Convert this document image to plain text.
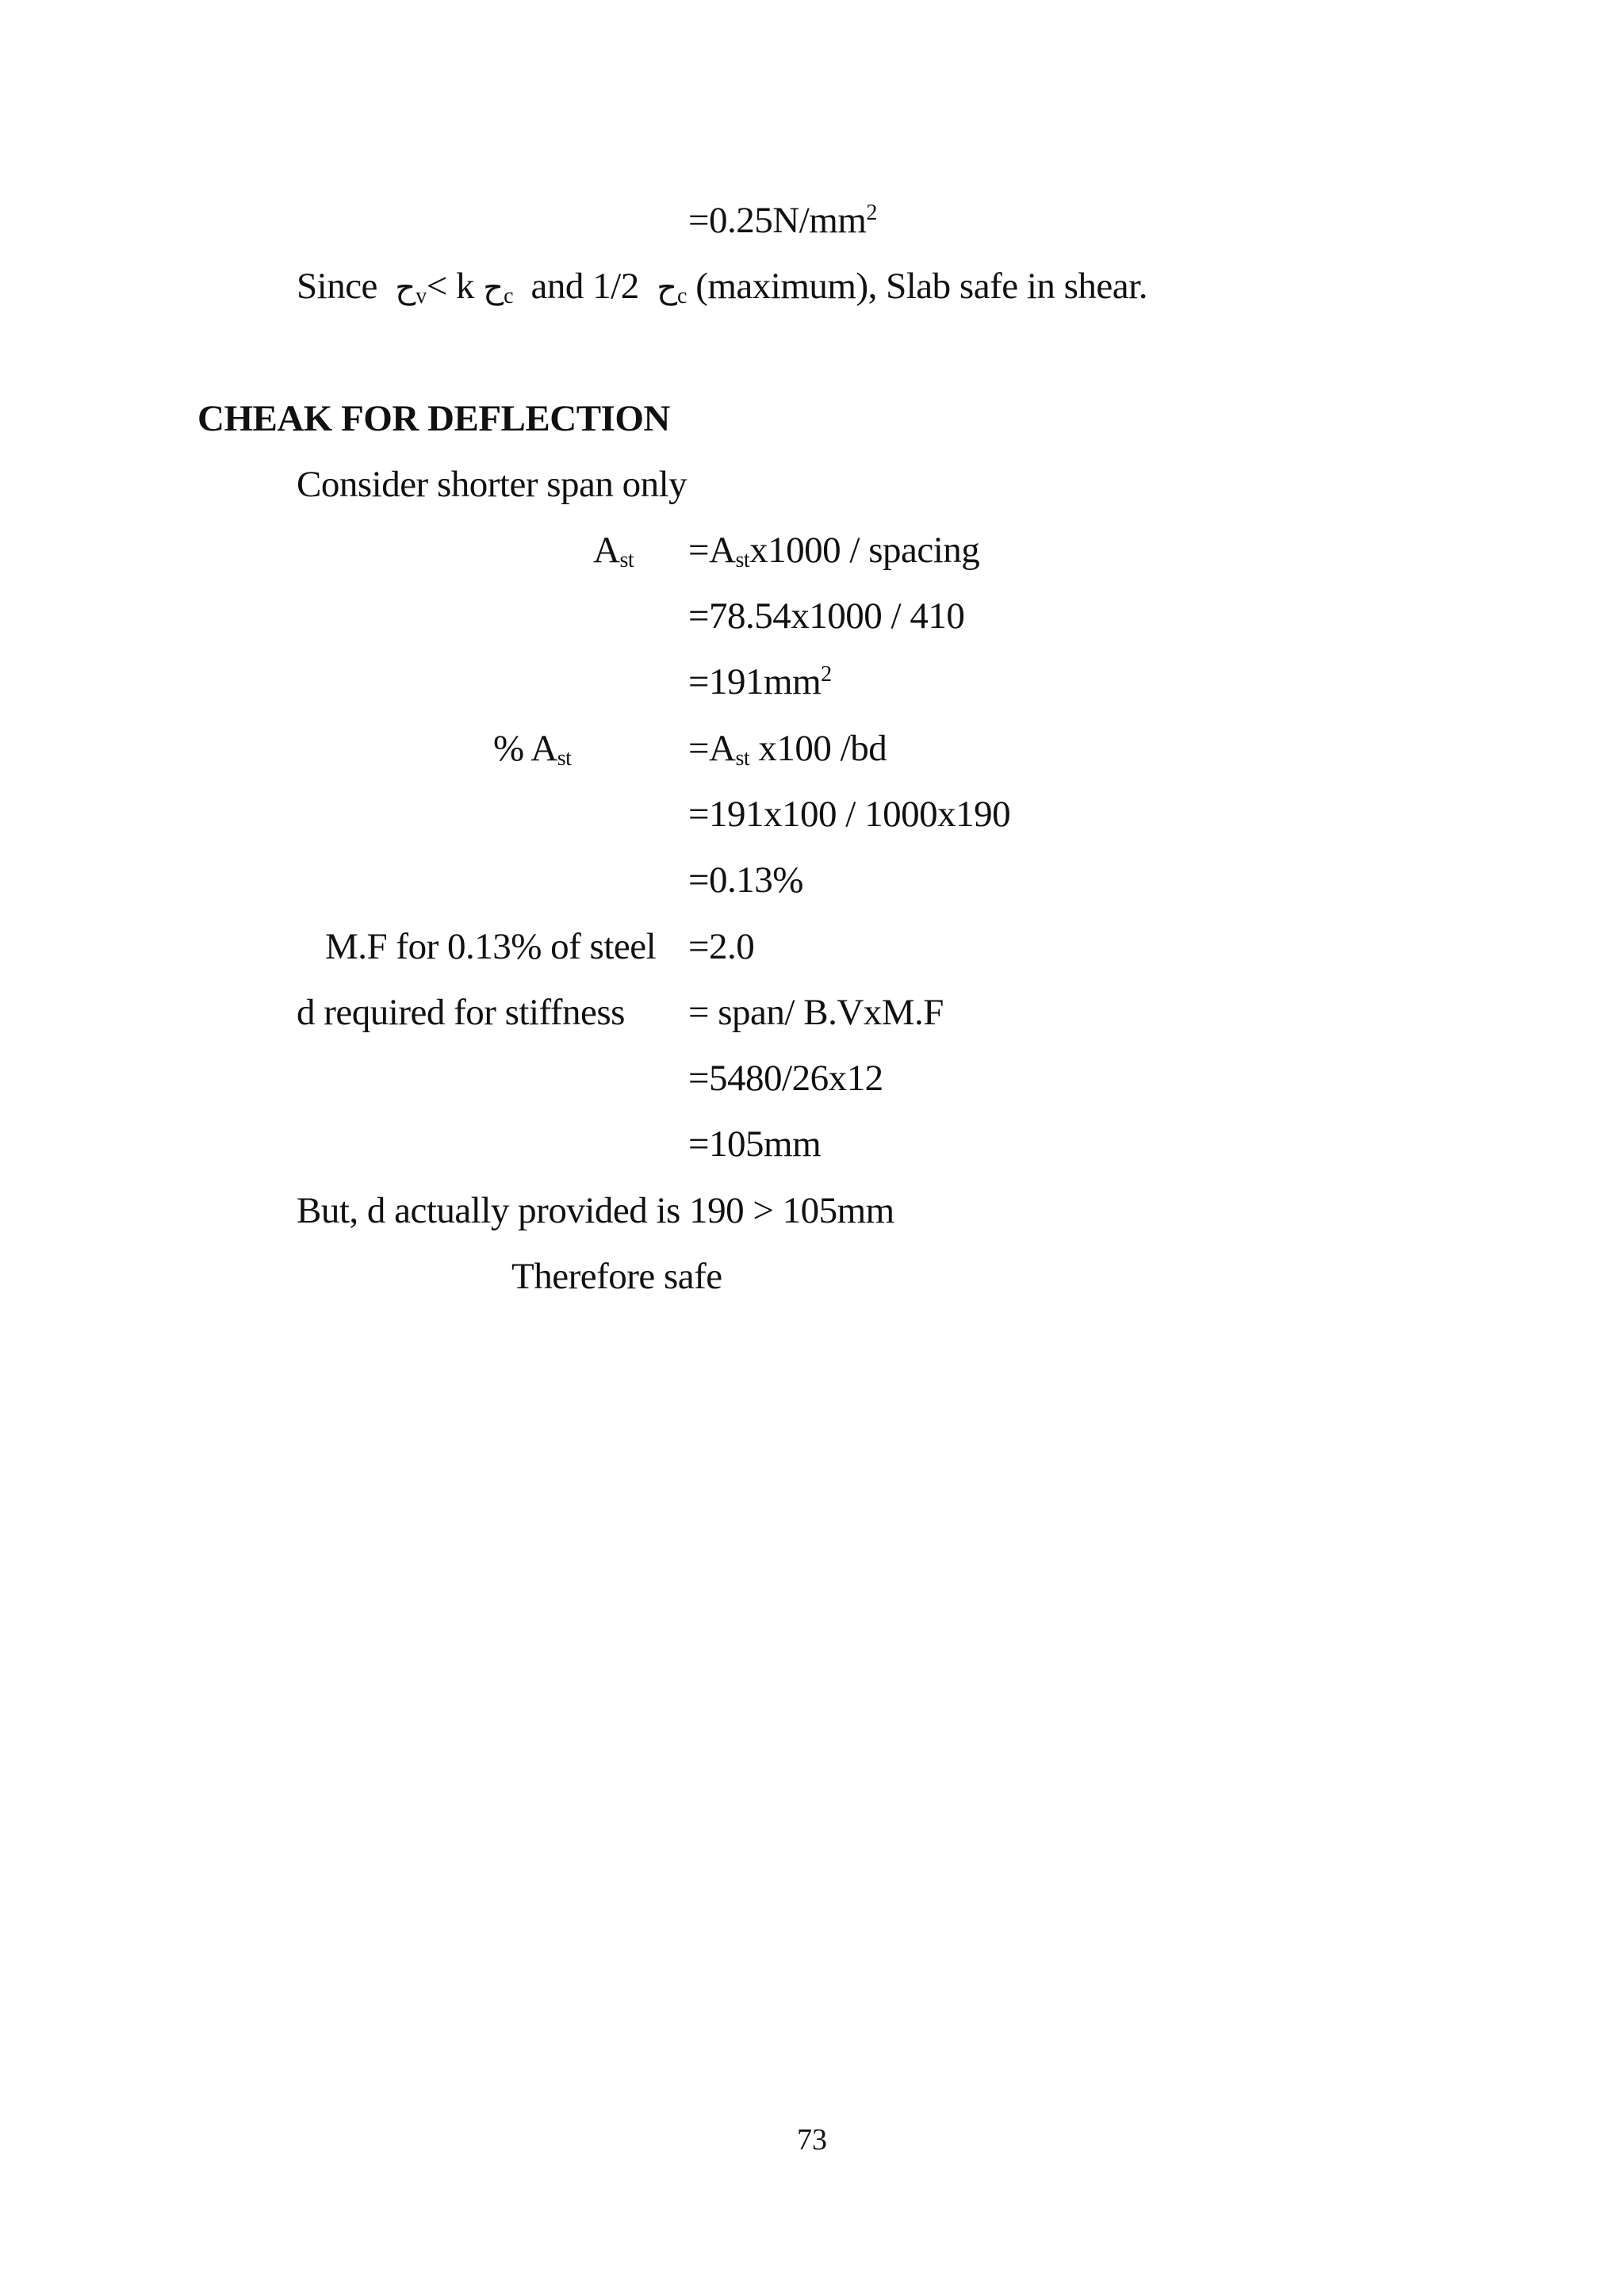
$=0.25N/mm^2$
Since ح$_v$< k ح$_c$ and 1/2 ح$_c$ (maximum), Slab safe in shear.
CHEAK FOR DEFLECTION
Consider shorter span only
$A_{st} =A_{st}x1000$ / spacing
=78.54x1000 / 410
$=191mm^2$
% $A_{st}$	$=A_{st}$ x100 /bd
=191x100 / 1000x190
=0.13%
M.F for 0.13% of steel =2.0
d required for stiffness = span/ B.VxM.F
=5480/26x12
=105mm
But, d actually provided is 190 > 105mm
Therefore safe
73
